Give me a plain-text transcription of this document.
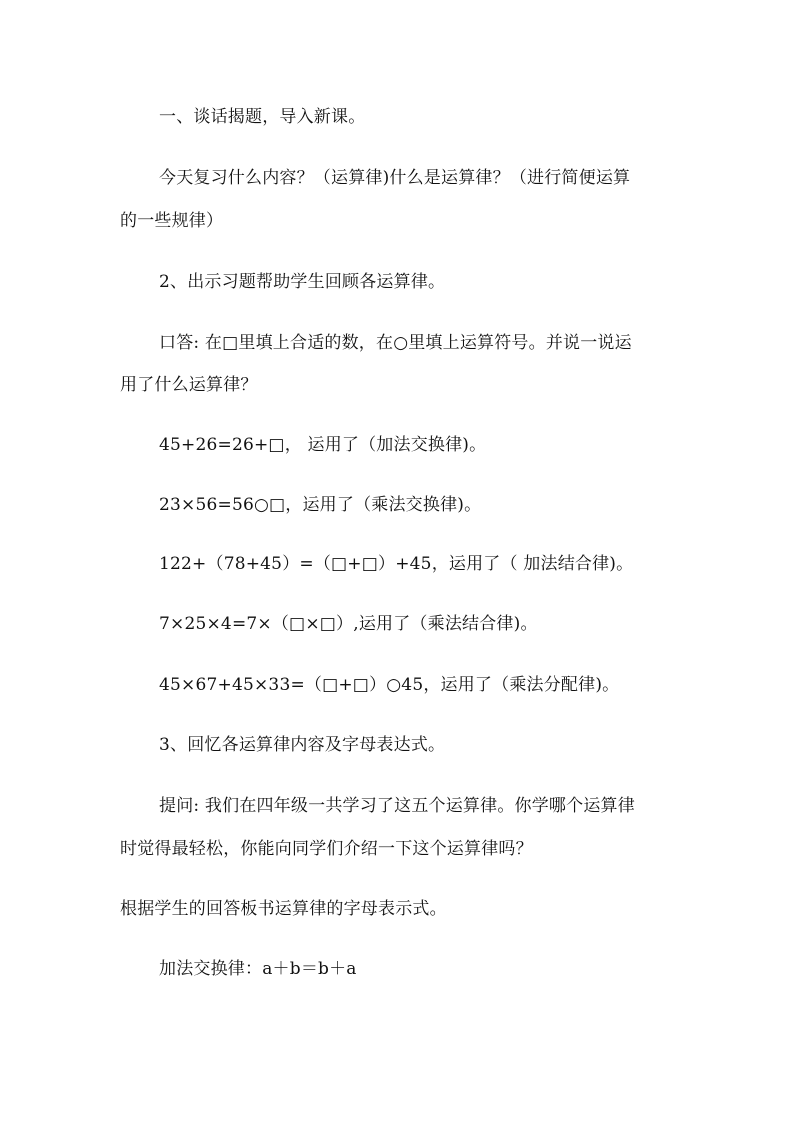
一、谈话揭题，导入新课。
今天复习什么内容？（运算律)什么是运算律？（进行简便运算
的一些规律）
2、出示习题帮助学生回顾各运算律。
口答: 在□里填上合适的数，在○里填上运算符号。并说一说运
用了什么运算律？
45+26=26+□， 运用了（加法交换律)。
23×56=56○□，运用了（乘法交换律)。
122+（78+45）=（□+□）+45，运用了（ 加法结合律)。
7×25×4=7×（□×□）,运用了（乘法结合律)。
45×67+45×33=（□+□）○45，运用了（乘法分配律)。
3、回忆各运算律内容及字母表达式。
提问: 我们在四年级一共学习了这五个运算律。你学哪个运算律
时觉得最轻松，你能向同学们介绍一下这个运算律吗？
根据学生的回答板书运算律的字母表示式。
加法交换律：a＋b＝b＋a
